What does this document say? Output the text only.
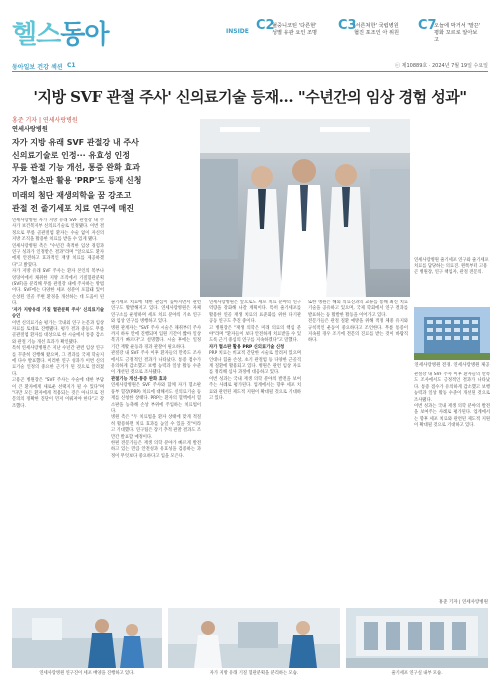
헬스동아	INSIDE C2
혈중니코틴 '다른현' 성별 유관 요인 조명 C3
'서른쳐한' 국립병원 협진 포조인 아 위원 C7
오늘에 막거서 '말끈' 평화 꼬르로 알아보고
동아일보 건강 섹션 C1	ⓒ 제10889호 · 2024년 7월 19일 수요일
'지방 SVF 관절 주사' 신의료기술 등재… "수년간의 임상 경험 성과"
홍준 기자 | 연세사랑병원
연세사랑병원
자가 지방 유래 SVF 관절강 내 주사
신의료기술로 인정··· 유효성 인정
무릎 관절 기능 개선, 통증 완화 효과
자가 혈소판 활용 'PRP'도 등재 신청
미래의 첨단 재생의학을 꿈 강조고
관절 전 줄기세포 치료 연구에 매진
연세사랑병원 줄기세포 연구와 줄기세포 치료를 담당하는 의료진. 왼쪽부터 고용곤 병원장, 연구 책임자, 관절 전문의.
연세사랑병원 전경. 연세사랑병원 제공

연세사랑병원 자가 지방 유래 SVF 관절강 내 주사가 보건복지부 신의료기술로 인정됐다. 이번 결정으로 무릎 골관절염 환자는 수술 없이 자신의 지방 조직을 활용한 치료를 받을 수 있게 됐다.

연세사랑병원 측은 "수년간 축적한 임상 경험과 연구 성과가 인정받은 결과"라며 "앞으로도 환자에게 안전하고 효과적인 재생 치료를 제공하겠다"고 밝혔다.

자가 지방 유래 SVF 주사는 환자 본인의 복부나 엉덩이에서 채취한 지방 조직에서 기질혈관분획(SVF)을 분리해 무릎 관절강 내에 주사하는 방법이다. SVF에는 다양한 세포 성분이 포함돼 있어 손상된 연골 주변 환경을 개선하는 데 도움이 된다.

'자가 지방유래 기질 혈관분획 주사' 신의료기술 승인

이번 신의료기술 평가는 국내외 연구 논문과 임상 자료를 토대로 진행됐다. 평가 결과 중등도 무릎 골관절염 환자를 대상으로 한 시술에서 통증 감소와 관절 기능 개선 효과가 확인됐다.

특히 연세사랑병원은 지난 수년간 관련 임상 연구를 꾸준히 진행해 왔으며, 그 결과를 국제 학술지에 다수 발표했다. 이러한 연구 성과가 이번 신의료기술 인정의 중요한 근거가 된 것으로 알려졌다.

고용곤 병원장은 "SVF 주사는 수술에 대한 부담이 큰 환자에게 새로운 선택지가 될 수 있다"며 "다만 모든 환자에게 적용되는 것은 아니므로 전문의의 정확한 진단이 먼저 이뤄져야 한다"고 강조했다.

줄기세포 치료에 대한 관심이 높아지면서 관련 연구도 활발해지고 있다. 연세사랑병원은 자체 연구소를 운영하며 세포 치료 분야의 기초 연구와 임상 연구를 병행하고 있다.

병원 관계자는 "SVF 주사 시술은 채취부터 주사까지 하루 안에 진행되며 입원 기간이 짧아 일상 복귀가 빠르다"고 설명했다. 시술 후에는 일정 기간 재활 운동과 경과 관찰이 필요하다.

관절강 내 SVF 주사 이후 환자들의 만족도 조사에서도 긍정적인 결과가 나타났다. 통증 점수가 유의하게 감소했고 보행 능력과 일상 활동 수준이 개선된 것으로 조사됐다.

관절기능 개선·통증 완화 효과

연세사랑병원은 SVF 주사와 함께 자가 혈소판 풍부 혈장(PRP) 치료에 대해서도 신의료기술 등재를 신청한 상태다. PRP는 환자의 혈액에서 혈소판을 농축해 손상 부위에 주입하는 치료법이다.

병원 측은 "두 치료법을 환자 상태에 맞게 적절히 활용하면 치료 효과를 높일 수 있을 것"이라고 기대했다. 연구팀은 장기 추적 관찰 결과도 조만간 발표할 예정이다.

한편 전문가들은 재생 의학 분야가 빠르게 발전하고 있는 만큼 안전성과 유효성을 검증하는 과정이 무엇보다 중요하다고 입을 모은다.

연세사랑병원은 앞으로도 세포 치료 분야의 연구 역량을 강화해 나갈 계획이다. 특히 줄기세포를 활용한 연골 재생 치료의 표준화를 위한 다기관 공동 연구도 추진 중이다.

고 병원장은 "재생 의학은 미래 의료의 핵심 분야"라며 "환자들이 보다 안전하게 치료받을 수 있도록 근거 중심의 연구를 지속하겠다"고 말했다.

자가 혈소판 활용 PRP 신의료기술 신청

PRP 치료는 비교적 간단한 시술로 알려져 있으며 인대나 힘줄 손상, 초기 관절염 등 다양한 근골격계 질환에 활용되고 있다. 병원은 관련 임상 자료를 정리해 심사 과정에 대응하고 있다.

이번 성과는 국내 재생 의학 분야의 발전을 보여주는 사례로 평가된다. 업계에서는 향후 세포 치료와 관련된 제도적 지원이 확대될 것으로 기대하고 있다.

또한 병원은 해외 의료진과의 교류를 통해 최신 치료 기술을 공유하고 있으며, 국제 학회에서 연구 결과를 발표하는 등 활발한 활동을 이어가고 있다.

전문가들은 관절 질환 예방을 위해 적정 체중 유지와 규칙적인 운동이 중요하다고 조언한다. 무릎 통증이 지속될 경우 조기에 전문의 진료를 받는 것이 바람직하다.

관절강 내 SVF 주사 이후 환자들의 만족도 조사에서도 긍정적인 결과가 나타났다. 통증 점수가 유의하게 감소했고 보행 능력과 일상 활동 수준이 개선된 것으로 조사됐다.

이번 성과는 국내 재생 의학 분야의 발전을 보여주는 사례로 평가된다. 업계에서는 향후 세포 치료와 관련된 제도적 지원이 확대될 것으로 기대하고 있다.

홍준 기자 | 연세사랑병원
연세사랑병원 연구진이 세포 배양을 진행하고 있다.	자가 지방 유래 기질 혈관분획을 분리하는 모습.	줄기세포 연구실 내부 모습.
